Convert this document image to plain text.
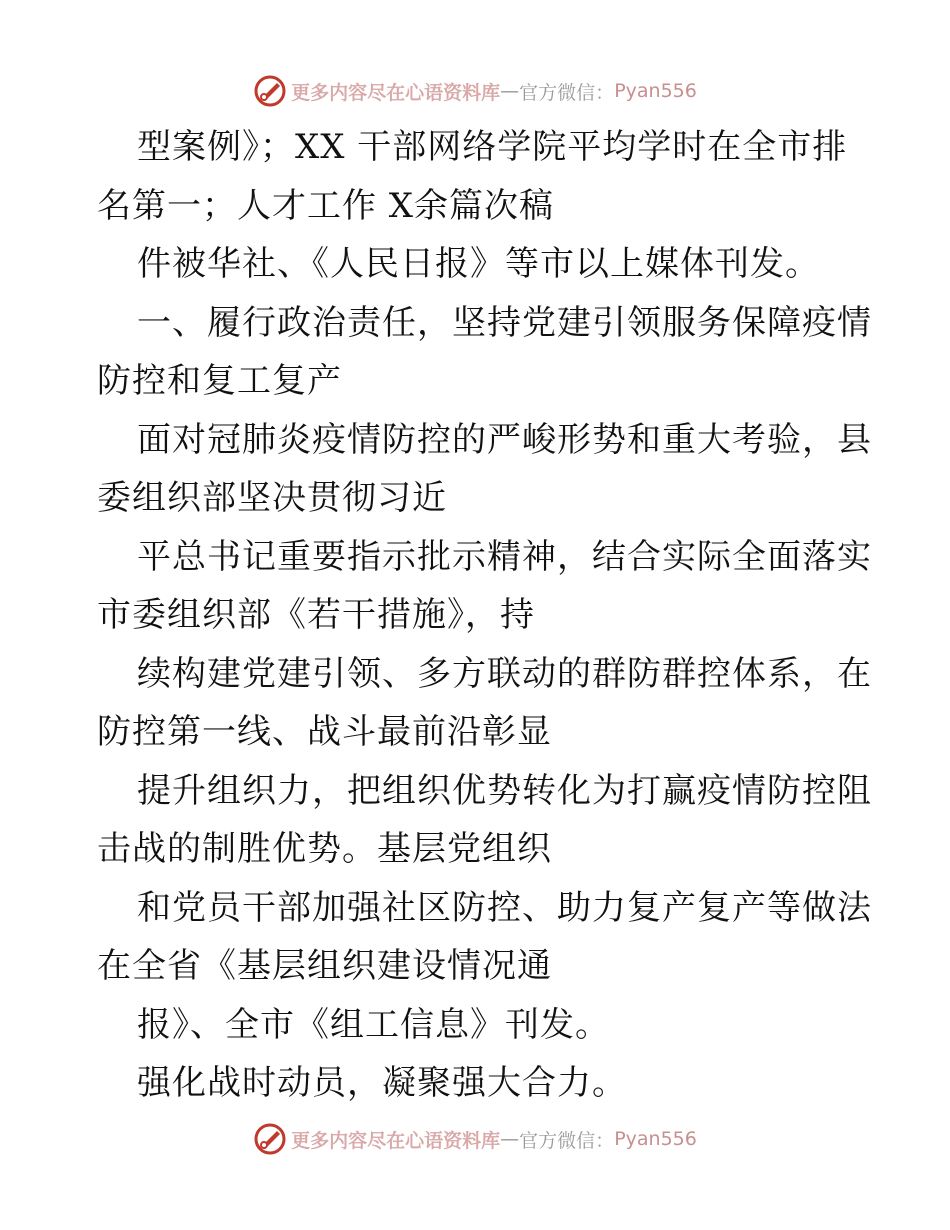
更多内容尽在心语资料库 — 官方微信： Pyan556

型案例》；XX 干部网络学院平均学时在全市排

名第一；人才工作 X余篇次稿

件被华社、《人民日报》等市以上媒体刊发。

一、履行政治责任，坚持党建引领服务保障疫情

防控和复工复产

面对冠肺炎疫情防控的严峻形势和重大考验，县

委组织部坚决贯彻习近

平总书记重要指示批示精神，结合实际全面落实

市委组织部《若干措施》，持

续构建党建引领、多方联动的群防群控体系，在

防控第一线、战斗最前沿彰显

提升组织力，把组织优势转化为打赢疫情防控阻

击战的制胜优势。基层党组织

和党员干部加强社区防控、助力复产复产等做法

在全省《基层组织建设情况通

报》、全市《组工信息》刊发。

强化战时动员，凝聚强大合力。

更多内容尽在心语资料库 — 官方微信： Pyan556
